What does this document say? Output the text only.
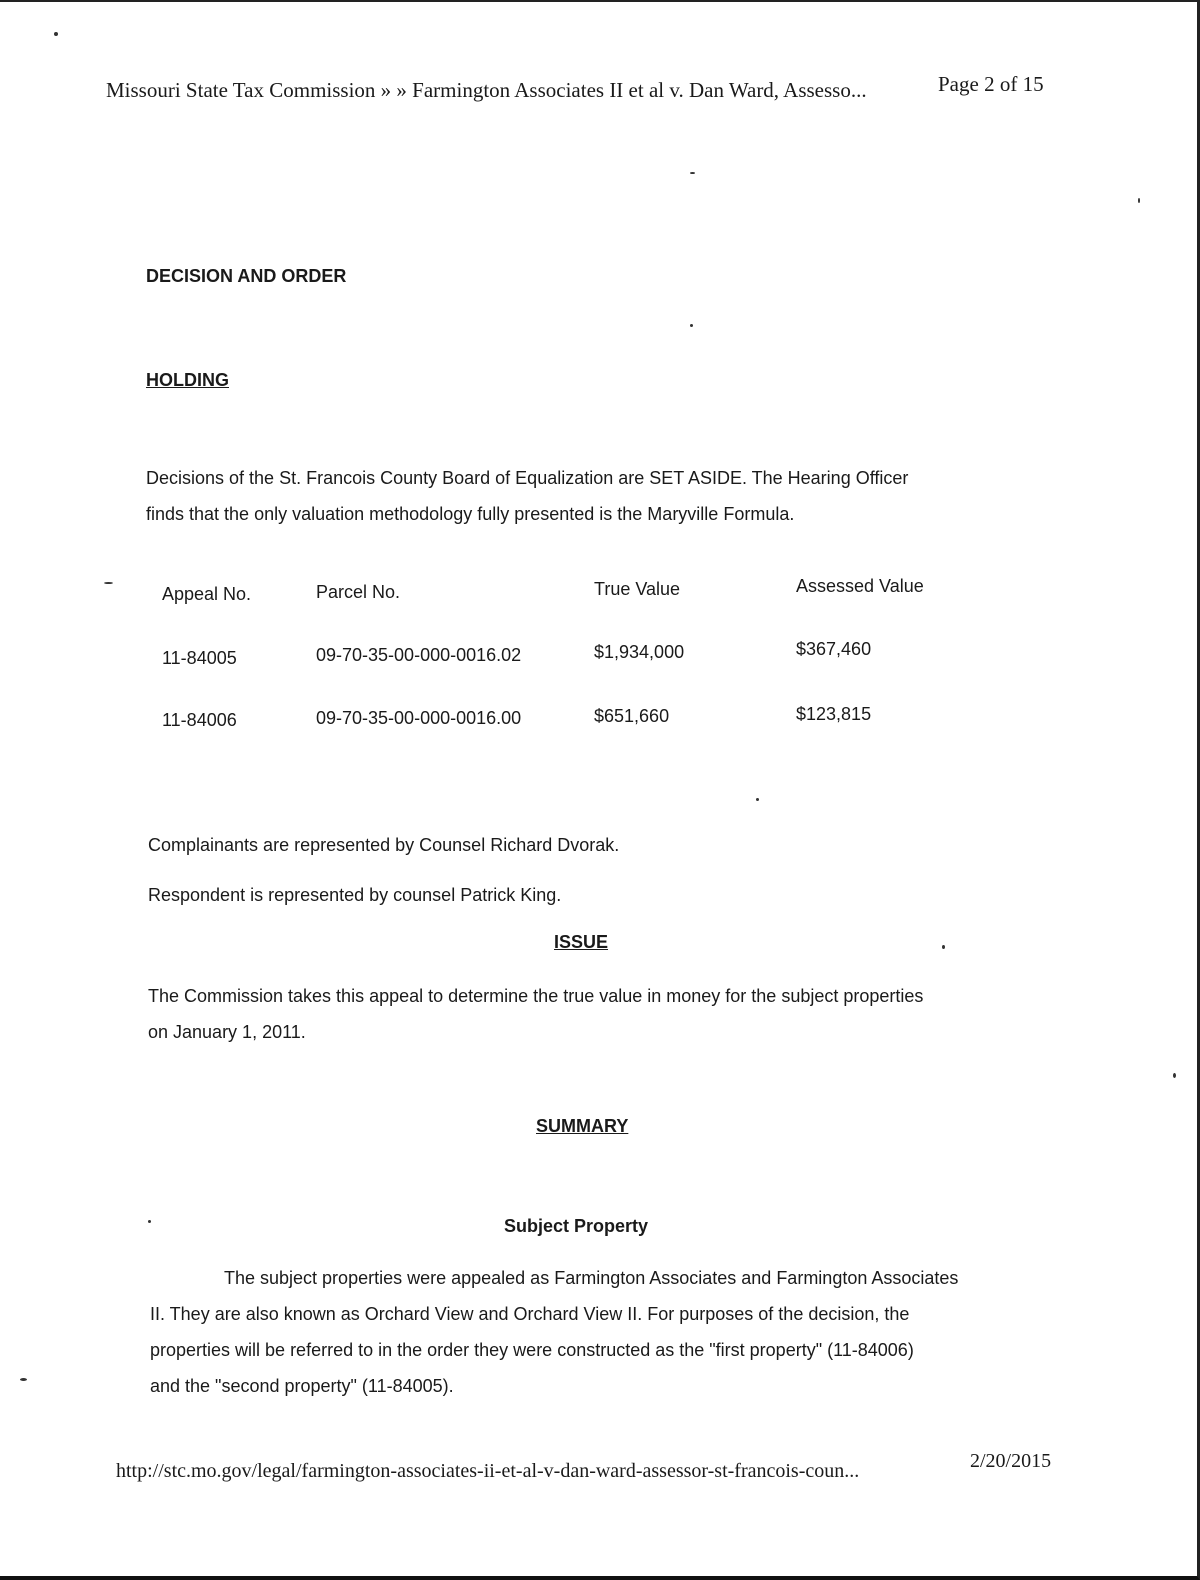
Missouri State Tax Commission » » Farmington Associates II et al v. Dan Ward, Assesso...	Page 2 of 15
DECISION AND ORDER
HOLDING
Decisions of the St. Francois County Board of Equalization are SET ASIDE. The Hearing Officer
finds that the only valuation methodology fully presented is the Maryville Formula.
Appeal No.	Parcel No.	True Value	Assessed Value
11-84005	09-70-35-00-000-0016.02	$1,934,000	$367,460
11-84006	09-70-35-00-000-0016.00	$651,660	$123,815
Complainants are represented by Counsel Richard Dvorak.
Respondent is represented by counsel Patrick King.
ISSUE
The Commission takes this appeal to determine the true value in money for the subject properties
on January 1, 2011.
SUMMARY
Subject Property
The subject properties were appealed as Farmington Associates and Farmington Associates
II. They are also known as Orchard View and Orchard View II. For purposes of the decision, the
properties will be referred to in the order they were constructed as the "first property" (11-84006)
and the "second property" (11-84005).
http://stc.mo.gov/legal/farmington-associates-ii-et-al-v-dan-ward-assessor-st-francois-coun...	2/20/2015
